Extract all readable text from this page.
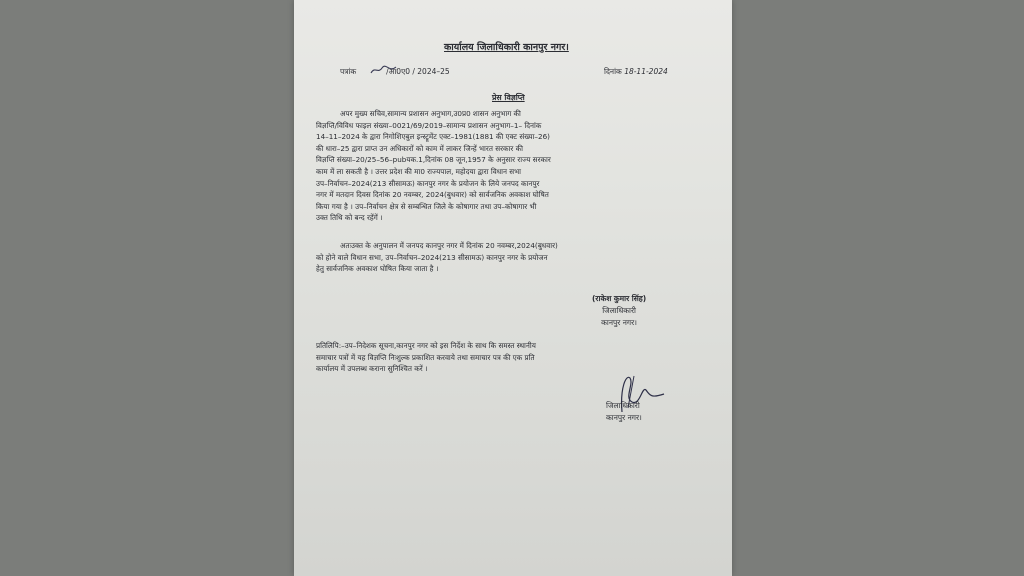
कार्यालय जिलाधिकारी कानपुर नगर।
पत्रांक	/आ0ए0 / 2024–25	दिनांक 18-11-2024
प्रेस विज्ञप्ति
अपर मुख्य सचिव,सामान्य प्रशासन अनुभाग,उ0प्र0 शासन अनुभाग की
विज्ञप्ति/विविध फाइल संख्या–0021/69/2019–सामान्य प्रशासन अनुभाग–1– दिनांक
14–11–2024 के द्वारा निगोशिएबुल इन्स्ट्रूमेंट एक्ट–1981(1881 की एक्ट संख्या–26)
की धारा–25 द्वारा प्राप्त उन अधिकारों को काम में लाकर जिन्हें भारत सरकार की
विज्ञप्ति संख्या–20/25–56–pubयक.1,दिनांक 08 जून,1957 के अनुसार राज्य सरकार
काम में ला सकती है । उत्तर प्रदेश की मा0 राज्यपाल, महोदया द्वारा विधान सभा
उप–निर्वाचन–2024(213 सीसामऊ) कानपुर नगर के प्रयोजन के लिये जनपद कानपुर
नगर में मतदान दिवस दिनांक 20 नवम्बर, 2024(बुधवार) को सार्वजनिक अवकाश घोषित
किया गया है । उप–निर्वाचन क्षेत्र से सम्बन्धित जिले के कोषागार तथा उप–कोषागार भी
उक्त तिथि को बन्द रहेंगें ।
अतःउक्त के अनुपालन में जनपद कानपुर नगर में दिनांक 20 नवम्बर,2024(बुधवार)
को होने वाले विधान सभा, उप–निर्वाचन–2024(213 सीसामऊ) कानपुर नगर के प्रयोजन
हेतु सार्वजनिक अवकाश घोषित किया जाता है ।
(राकेश कुमार सिंह)
जिलाधिकारी
कानपुर नगर।
प्रतिलिपि:–उप–निदेशक सूचना,कानपुर नगर को इस निर्देश के साथ कि समस्त स्थानीय
समाचार पत्रों में यह विज्ञप्ति निःशुल्क प्रकाशित करवाये तथा समाचार पत्र की एक प्रति
कार्यालय में उपलब्ध कराना सुनिश्चित करें ।
जिलाधिकारी
कानपुर नगर।
